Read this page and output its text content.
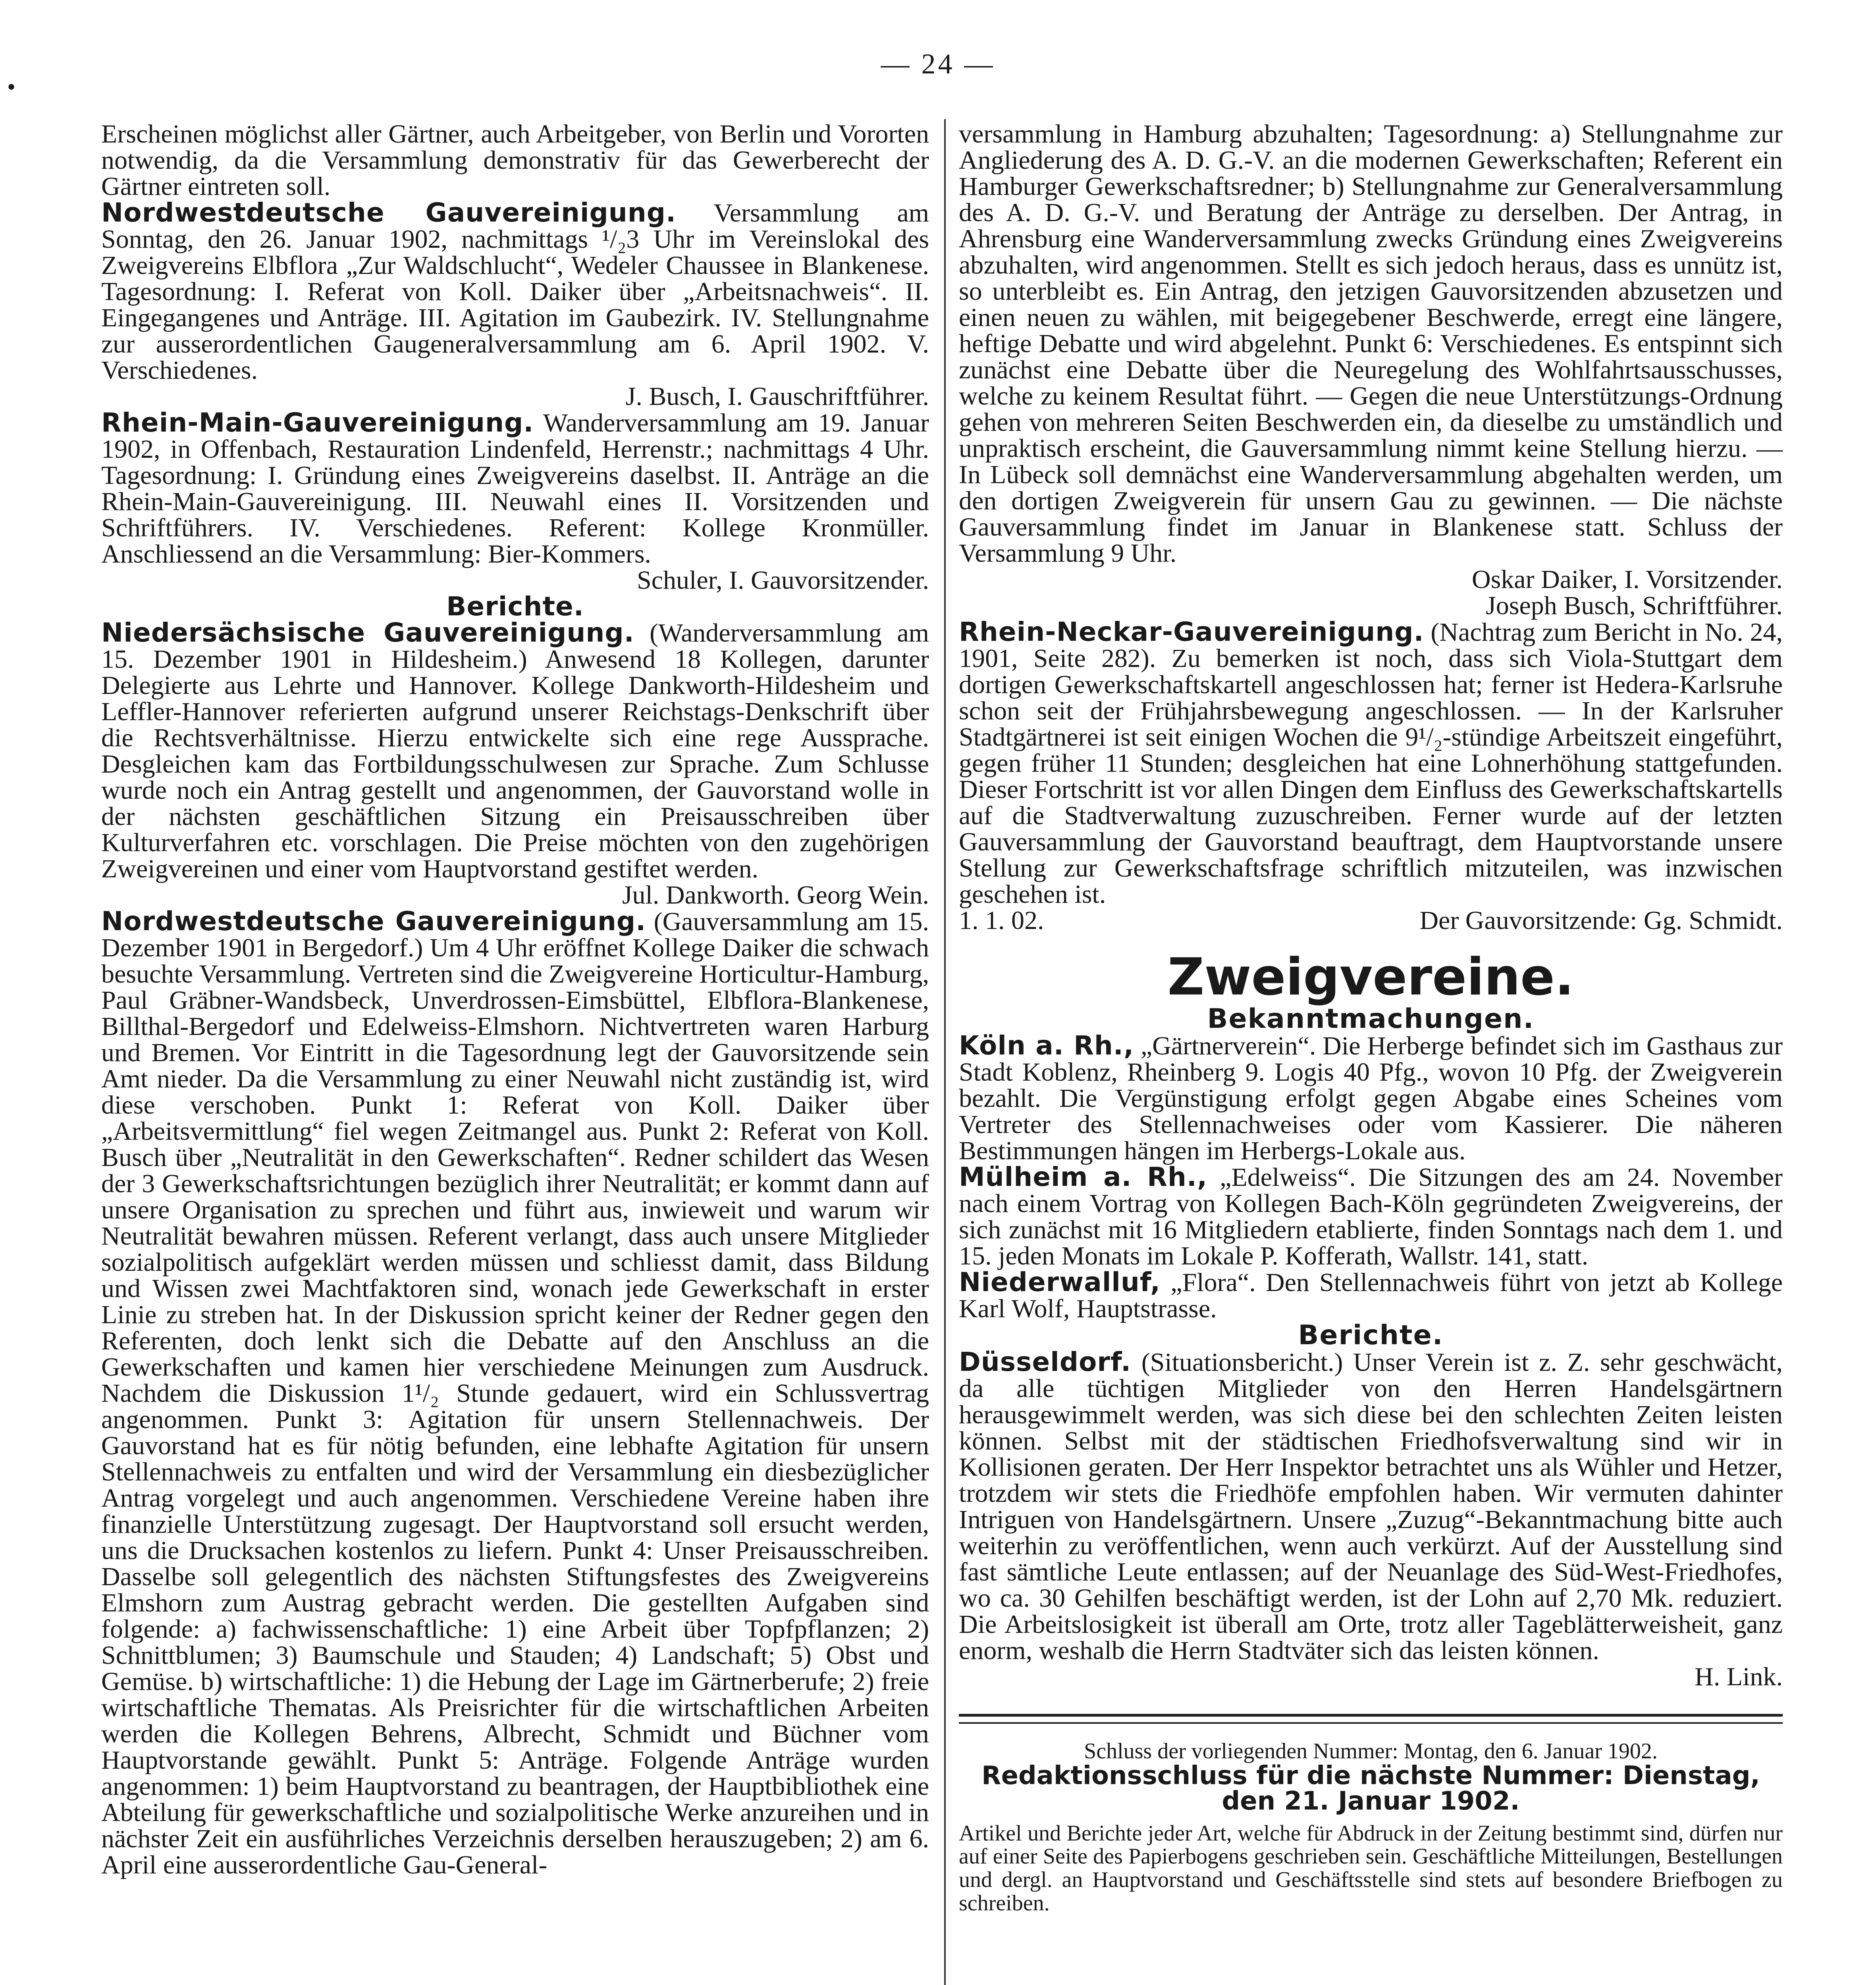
•
— 24 —

Erscheinen möglichst aller Gärtner, auch Arbeitgeber, von Berlin und Vororten notwendig, da die Versammlung demonstrativ für das Gewerberecht der Gärtner eintreten soll.

Nordwestdeutsche Gauvereinigung. Versammlung am Sonntag, den 26. Januar 1902, nachmittags ¹/₂3 Uhr im Vereinslokal des Zweigvereins Elbflora „Zur Waldschlucht“, Wedeler Chaussee in Blankenese. Tagesordnung: I. Referat von Koll. Daiker über „Arbeitsnachweis“. II. Eingegangenes und Anträge. III. Agitation im Gaubezirk. IV. Stellungnahme zur ausserordentlichen Gaugeneralversammlung am 6. April 1902. V. Verschiedenes.

J. Busch, I. Gauschriftführer.

Rhein-Main-Gauvereinigung. Wanderversammlung am 19. Januar 1902, in Offenbach, Restauration Lindenfeld, Herrenstr.; nachmittags 4 Uhr. Tagesordnung: I. Gründung eines Zweigvereins daselbst. II. Anträge an die Rhein-Main-Gauvereinigung. III. Neuwahl eines II. Vorsitzenden und Schriftführers. IV. Verschiedenes. Referent: Kollege Kronmüller. Anschliessend an die Versammlung: Bier-Kommers.

Schuler, I. Gauvorsitzender.

Berichte.

Niedersächsische Gauvereinigung. (Wanderversammlung am 15. Dezember 1901 in Hildesheim.) Anwesend 18 Kollegen, darunter Delegierte aus Lehrte und Hannover. Kollege Dankworth-Hildesheim und Leffler-Hannover referierten aufgrund unserer Reichstags-Denkschrift über die Rechtsverhältnisse. Hierzu entwickelte sich eine rege Aussprache. Desgleichen kam das Fortbildungsschulwesen zur Sprache. Zum Schlusse wurde noch ein Antrag gestellt und angenommen, der Gauvorstand wolle in der nächsten geschäftlichen Sitzung ein Preisausschreiben über Kulturverfahren etc. vorschlagen. Die Preise möchten von den zugehörigen Zweigvereinen und einer vom Hauptvorstand gestiftet werden.

Jul. Dankworth. Georg Wein.

Nordwestdeutsche Gauvereinigung. (Gauversammlung am 15. Dezember 1901 in Bergedorf.) Um 4 Uhr eröffnet Kollege Daiker die schwach besuchte Versammlung. Vertreten sind die Zweigvereine Horticultur-Hamburg, Paul Gräbner-Wandsbeck, Unverdrossen-Eimsbüttel, Elbflora-Blankenese, Billthal-Bergedorf und Edelweiss-Elmshorn. Nichtvertreten waren Harburg und Bremen. Vor Eintritt in die Tagesordnung legt der Gauvorsitzende sein Amt nieder. Da die Versammlung zu einer Neuwahl nicht zuständig ist, wird diese verschoben. Punkt 1: Referat von Koll. Daiker über „Arbeitsvermittlung“ fiel wegen Zeitmangel aus. Punkt 2: Referat von Koll. Busch über „Neutralität in den Gewerkschaften“. Redner schildert das Wesen der 3 Gewerkschaftsrichtungen bezüglich ihrer Neutralität; er kommt dann auf unsere Organisation zu sprechen und führt aus, inwieweit und warum wir Neutralität bewahren müssen. Referent verlangt, dass auch unsere Mitglieder sozialpolitisch aufgeklärt werden müssen und schliesst damit, dass Bildung und Wissen zwei Machtfaktoren sind, wonach jede Gewerkschaft in erster Linie zu streben hat. In der Diskussion spricht keiner der Redner gegen den Referenten, doch lenkt sich die Debatte auf den Anschluss an die Gewerkschaften und kamen hier verschiedene Meinungen zum Ausdruck. Nachdem die Diskussion 1¹/₂ Stunde gedauert, wird ein Schlussvertrag angenommen. Punkt 3: Agitation für unsern Stellennachweis. Der Gauvorstand hat es für nötig befunden, eine lebhafte Agitation für unsern Stellennachweis zu entfalten und wird der Versammlung ein diesbezüglicher Antrag vorgelegt und auch angenommen. Verschiedene Vereine haben ihre finanzielle Unterstützung zugesagt. Der Hauptvorstand soll ersucht werden, uns die Drucksachen kostenlos zu liefern. Punkt 4: Unser Preisausschreiben. Dasselbe soll gelegentlich des nächsten Stiftungsfestes des Zweigvereins Elmshorn zum Austrag gebracht werden. Die gestellten Aufgaben sind folgende: a) fachwissenschaftliche: 1) eine Arbeit über Topfpflanzen; 2) Schnittblumen; 3) Baumschule und Stauden; 4) Landschaft; 5) Obst und Gemüse. b) wirtschaftliche: 1) die Hebung der Lage im Gärtnerberufe; 2) freie wirtschaftliche Thematas. Als Preisrichter für die wirtschaftlichen Arbeiten werden die Kollegen Behrens, Albrecht, Schmidt und Büchner vom Hauptvorstande gewählt. Punkt 5: Anträge. Folgende Anträge wurden angenommen: 1) beim Hauptvorstand zu beantragen, der Hauptbibliothek eine Abteilung für gewerkschaftliche und sozialpolitische Werke anzureihen und in nächster Zeit ein ausführliches Verzeichnis derselben herauszugeben; 2) am 6. April eine ausserordentliche Gau-General-

versammlung in Hamburg abzuhalten; Tagesordnung: a) Stellungnahme zur Angliederung des A. D. G.-V. an die modernen Gewerkschaften; Referent ein Hamburger Gewerkschaftsredner; b) Stellungnahme zur Generalversammlung des A. D. G.-V. und Beratung der Anträge zu derselben. Der Antrag, in Ahrensburg eine Wanderversammlung zwecks Gründung eines Zweigvereins abzuhalten, wird angenommen. Stellt es sich jedoch heraus, dass es unnütz ist, so unterbleibt es. Ein Antrag, den jetzigen Gauvorsitzenden abzusetzen und einen neuen zu wählen, mit beigegebener Beschwerde, erregt eine längere, heftige Debatte und wird abgelehnt. Punkt 6: Verschiedenes. Es entspinnt sich zunächst eine Debatte über die Neuregelung des Wohlfahrtsausschusses, welche zu keinem Resultat führt. — Gegen die neue Unterstützungs-Ordnung gehen von mehreren Seiten Beschwerden ein, da dieselbe zu umständlich und unpraktisch erscheint, die Gauversammlung nimmt keine Stellung hierzu. — In Lübeck soll demnächst eine Wanderversammlung abgehalten werden, um den dortigen Zweigverein für unsern Gau zu gewinnen. — Die nächste Gauversammlung findet im Januar in Blankenese statt. Schluss der Versammlung 9 Uhr.

Oskar Daiker, I. Vorsitzender.

Joseph Busch, Schriftführer.

Rhein-Neckar-Gauvereinigung. (Nachtrag zum Bericht in No. 24, 1901, Seite 282). Zu bemerken ist noch, dass sich Viola-Stuttgart dem dortigen Gewerkschaftskartell angeschlossen hat; ferner ist Hedera-Karlsruhe schon seit der Frühjahrsbewegung angeschlossen. — In der Karlsruher Stadtgärtnerei ist seit einigen Wochen die 9¹/₂-stündige Arbeitszeit eingeführt, gegen früher 11 Stunden; desgleichen hat eine Lohnerhöhung stattgefunden. Dieser Fortschritt ist vor allen Dingen dem Einfluss des Gewerkschaftskartells auf die Stadtverwaltung zuzuschreiben. Ferner wurde auf der letzten Gauversammlung der Gauvorstand beauftragt, dem Hauptvorstande unsere Stellung zur Gewerkschaftsfrage schriftlich mitzuteilen, was inzwischen geschehen ist.

1. 1. 02.	Der Gauvorsitzende: Gg. Schmidt.
Zweigvereine.
Bekanntmachungen.

Köln a. Rh., „Gärtnerverein“. Die Herberge befindet sich im Gasthaus zur Stadt Koblenz, Rheinberg 9. Logis 40 Pfg., wovon 10 Pfg. der Zweigverein bezahlt. Die Vergünstigung erfolgt gegen Abgabe eines Scheines vom Vertreter des Stellennachweises oder vom Kassierer. Die näheren Bestimmungen hängen im Herbergs-Lokale aus.

Mülheim a. Rh., „Edelweiss“. Die Sitzungen des am 24. November nach einem Vortrag von Kollegen Bach-Köln gegründeten Zweigvereins, der sich zunächst mit 16 Mitgliedern etablierte, finden Sonntags nach dem 1. und 15. jeden Monats im Lokale P. Kofferath, Wallstr. 141, statt.

Niederwalluf, „Flora“. Den Stellennachweis führt von jetzt ab Kollege Karl Wolf, Hauptstrasse.

Berichte.

Düsseldorf. (Situationsbericht.) Unser Verein ist z. Z. sehr geschwächt, da alle tüchtigen Mitglieder von den Herren Handelsgärtnern herausgewimmelt werden, was sich diese bei den schlechten Zeiten leisten können. Selbst mit der städtischen Friedhofsverwaltung sind wir in Kollisionen geraten. Der Herr Inspektor betrachtet uns als Wühler und Hetzer, trotzdem wir stets die Friedhöfe empfohlen haben. Wir vermuten dahinter Intriguen von Handelsgärtnern. Unsere „Zuzug“-Bekanntmachung bitte auch weiterhin zu veröffentlichen, wenn auch verkürzt. Auf der Ausstellung sind fast sämtliche Leute entlassen; auf der Neuanlage des Süd-West-Friedhofes, wo ca. 30 Gehilfen beschäftigt werden, ist der Lohn auf 2,70 Mk. reduziert. Die Arbeitslosigkeit ist überall am Orte, trotz aller Tageblätterweisheit, ganz enorm, weshalb die Herrn Stadtväter sich das leisten können.

H. Link.

Schluss der vorliegenden Nummer: Montag, den 6. Januar 1902.

Redaktionsschluss für die nächste Nummer: Dienstag,

den 21. Januar 1902.

Artikel und Berichte jeder Art, welche für Abdruck in der Zeitung bestimmt sind, dürfen nur auf einer Seite des Papierbogens geschrieben sein. Geschäftliche Mitteilungen, Bestellungen und dergl. an Hauptvorstand und Geschäftsstelle sind stets auf besondere Briefbogen zu schreiben.
